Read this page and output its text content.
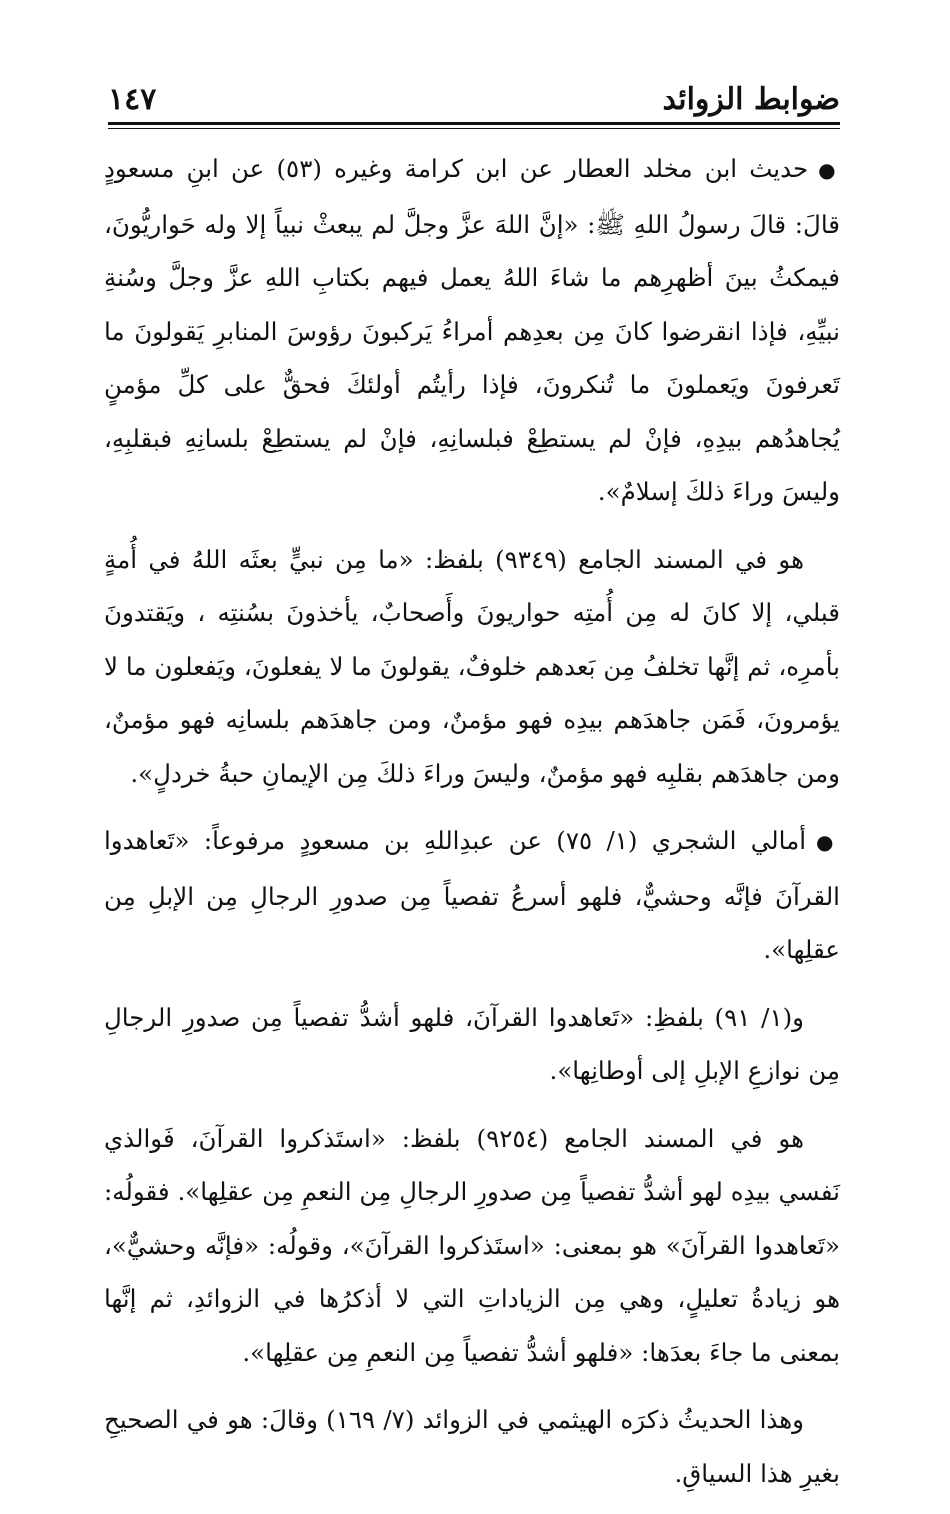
ضوابط الزوائد
١٤٧

●حديث ابن مخلد العطار عن ابن كرامة وغيره (٥٣) عن ابنِ مسعودٍ قالَ: قالَ رسولُ اللهِ ﷺ: «إنَّ اللهَ عزَّ وجلَّ لم يبعثْ نبياً إلا وله حَواريُّونَ، فيمكثُ بينَ أظهرِهم ما شاءَ اللهُ يعمل فيهم بكتابِ اللهِ عزَّ وجلَّ وسُنةِ نبيِّهِ، فإذا انقرضوا كانَ مِن بعدِهم أمراءُ يَركبونَ رؤوسَ المنابرِ يَقولونَ ما تَعرفونَ ويَعملونَ ما تُنكرونَ، فإذا رأيتُم أولئكَ فحقٌّ على كلِّ مؤمنٍ يُجاهدُهم بيدِهِ، فإنْ لم يستطِعْ فبلسانِهِ، فإنْ لم يستطِعْ بلسانِهِ فبقلبِهِ، وليسَ وراءَ ذلكَ إسلامٌ».

هو في المسند الجامع (٩٣٤٩) بلفظ: «ما مِن نبيٍّ بعثَه اللهُ في أُمةٍ قبلي، إلا كانَ له مِن أُمتِه حواريونَ وأَصحابٌ، يأخذونَ بسُنتِه ، ويَقتدونَ بأمرِه، ثم إنَّها تخلفُ مِن بَعدهم خلوفٌ، يقولونَ ما لا يفعلونَ، ويَفعلون ما لا يؤمرونَ، فَمَن جاهدَهم بيدِه فهو مؤمنٌ، ومن جاهدَهم بلسانِه فهو مؤمنٌ، ومن جاهدَهم بقلبِه فهو مؤمنٌ، وليسَ وراءَ ذلكَ مِن الإيمانِ حبةُ خردلٍ».

●أمالي الشجري (١/ ٧٥) عن عبدِاللهِ بن مسعودٍ مرفوعاً: «تَعاهدوا القرآنَ فإنَّه وحشيٌّ، فلهو أسرعُ تفصياً مِن صدورِ الرجالِ مِن الإبلِ مِن عقلِها».

و(١/ ٩١) بلفظِ: «تَعاهدوا القرآنَ، فلهو أشدُّ تفصياً مِن صدورِ الرجالِ مِن نوازعِ الإبلِ إلى أوطانِها».

هو في المسند الجامع (٩٢٥٤) بلفظ: «استَذكروا القرآنَ، فَوالذي نَفسي بيدِه لهو أشدُّ تفصياً مِن صدورِ الرجالِ مِن النعمِ مِن عقلِها». فقولُه: «تَعاهدوا القرآنَ» هو بمعنى: «استَذكروا القرآنَ»، وقولُه: «فإنَّه وحشيٌّ»، هو زيادةُ تعليلٍ، وهي مِن الزياداتِ التي لا أذكرُها في الزوائدِ، ثم إنَّها بمعنى ما جاءَ بعدَها: «فلهو أشدُّ تفصياً مِن النعمِ مِن عقلِها».

وهذا الحديثُ ذكرَه الهيثمي في الزوائد (٧/ ١٦٩) وقالَ: هو في الصحيحِ بغيرِ هذا السياقِ.
